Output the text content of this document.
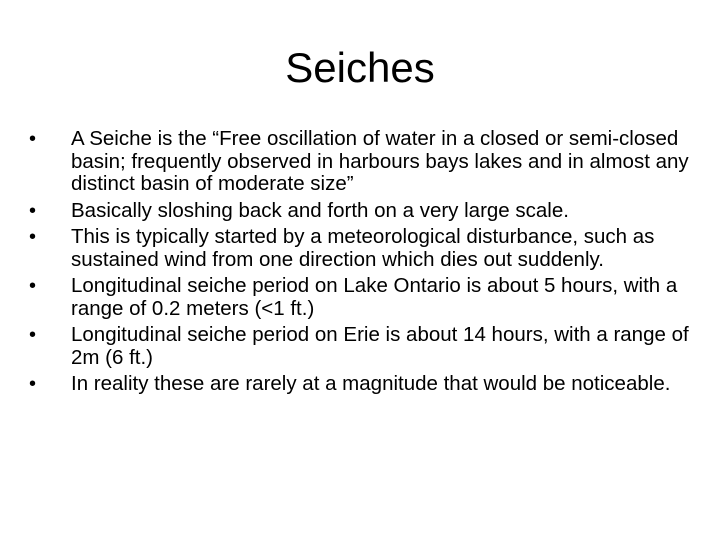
Seiches
•	A Seiche is the “Free oscillation of water in a closed or semi-closed basin; frequently observed in harbours bays lakes and in almost any distinct basin of moderate size”
•	Basically sloshing back and forth on a very large scale.
•	This is typically started by a meteorological disturbance, such as sustained wind from one direction which dies out suddenly.
•	Longitudinal seiche period on Lake Ontario is about 5 hours, with a range of 0.2 meters (<1 ft.)
•	Longitudinal seiche period on Erie is about 14 hours, with a range of 2m (6 ft.)
•	In reality these are rarely at a magnitude that would be noticeable.
